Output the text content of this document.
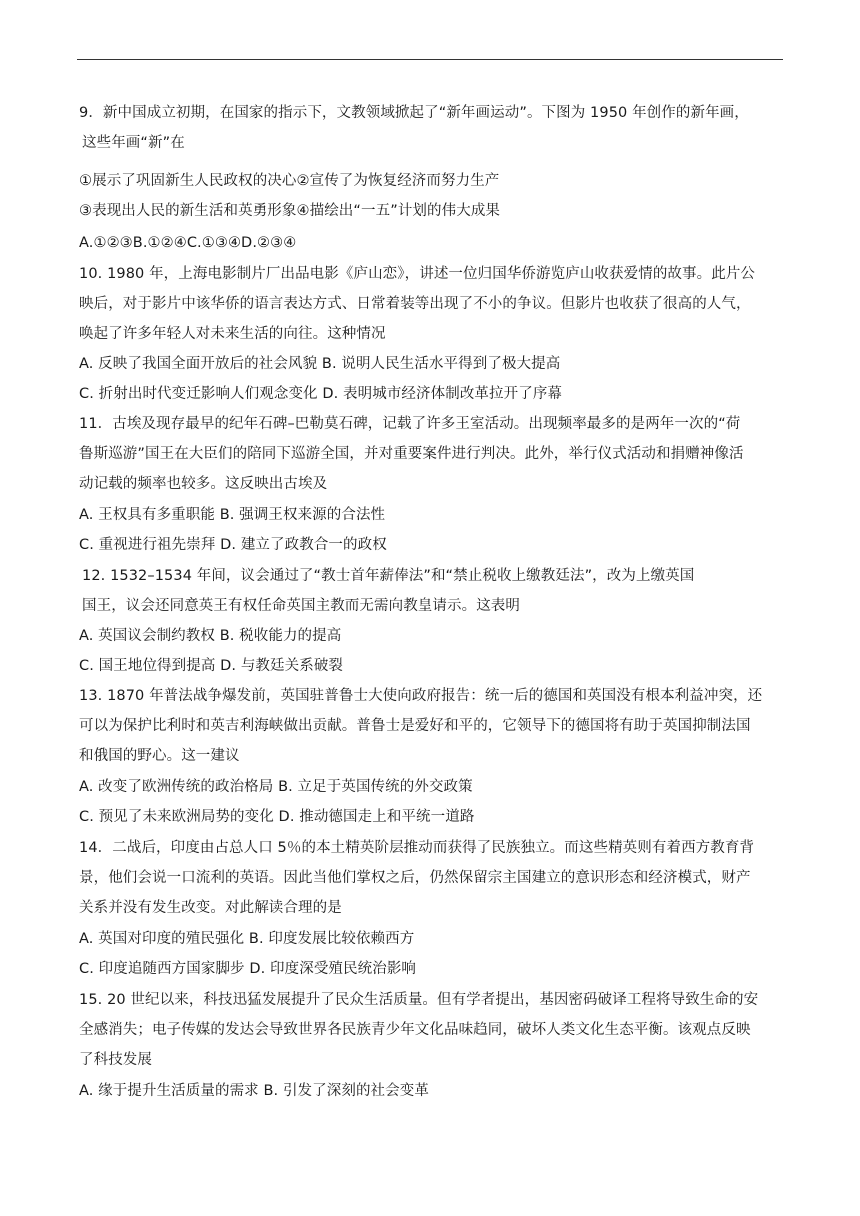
9．新中国成立初期，在国家的指示下，文教领域掀起了“新年画运动”。下图为 1950 年创作的新年画，
这些年画“新”在
①展示了巩固新生人民政权的决心②宣传了为恢复经济而努力生产
③表现出人民的新生活和英勇形象④描绘出“一五”计划的伟大成果
A.①②③B.①②④C.①③④D.②③④
10. 1980 年，上海电影制片厂出品电影《庐山恋》，讲述一位归国华侨游览庐山收获爱情的故事。此片公
映后，对于影片中该华侨的语言表达方式、日常着装等出现了不小的争议。但影片也收获了很高的人气，
唤起了许多年轻人对未来生活的向往。这种情况
A. 反映了我国全面开放后的社会风貌 B. 说明人民生活水平得到了极大提高
C. 折射出时代变迁影响人们观念变化 D. 表明城市经济体制改革拉开了序幕
11．古埃及现存最早的纪年石碑–巴勒莫石碑，记载了许多王室活动。出现频率最多的是两年一次的“荷
鲁斯巡游”国王在大臣们的陪同下巡游全国，并对重要案件进行判决。此外，举行仪式活动和捐赠神像活
动记载的频率也较多。这反映出古埃及
A. 王权具有多重职能 B. 强调王权来源的合法性
C. 重视进行祖先崇拜 D. 建立了政教合一的政权
12. 1532–1534 年间，议会通过了“教士首年薪俸法”和“禁止税收上缴教廷法”，改为上缴英国
国王，议会还同意英王有权任命英国主教而无需向教皇请示。这表明
A. 英国议会制约教权 B. 税收能力的提高
C. 国王地位得到提高 D. 与教廷关系破裂
13. 1870 年普法战争爆发前，英国驻普鲁士大使向政府报告：统一后的德国和英国没有根本利益冲突，还
可以为保护比利时和英吉利海峡做出贡献。普鲁士是爱好和平的，它领导下的德国将有助于英国抑制法国
和俄国的野心。这一建议
A. 改变了欧洲传统的政治格局 B. 立足于英国传统的外交政策
C. 预见了未来欧洲局势的变化 D. 推动德国走上和平统一道路
14．二战后，印度由占总人口 5％的本土精英阶层推动而获得了民族独立。而这些精英则有着西方教育背
景，他们会说一口流利的英语。因此当他们掌权之后，仍然保留宗主国建立的意识形态和经济模式，财产
关系并没有发生改变。对此解读合理的是
A. 英国对印度的殖民强化 B. 印度发展比较依赖西方
C. 印度追随西方国家脚步 D. 印度深受殖民统治影响
15. 20 世纪以来，科技迅猛发展提升了民众生活质量。但有学者提出，基因密码破译工程将导致生命的安
全感消失；电子传媒的发达会导致世界各民族青少年文化品味趋同，破坏人类文化生态平衡。该观点反映
了科技发展
A. 缘于提升生活质量的需求 B. 引发了深刻的社会变革
